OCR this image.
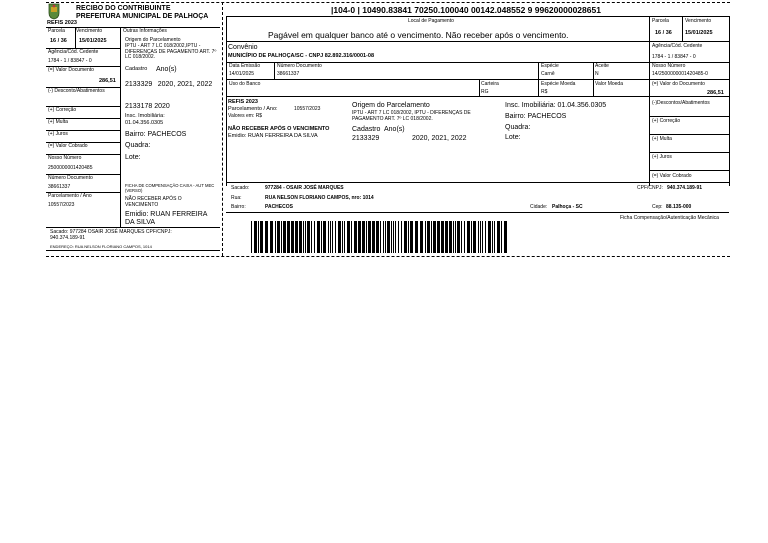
RECIBO DO CONTRIBUINTE
PREFEITURA MUNICIPAL DE PALHOÇA
REFIS 2023
Parcela Vencimento
16 / 36 15/01/2025
Agência/Cód. Cedente
1784 - 1 / 83847 - 0
(=) Valor Documento
286,51
(-) Desconto/Abatimentos
(+) Correção
(+) Multa
(+) Juros
(=) Valor Cobrado
Nosso Número
2500000001420485
Número Documento
38661337
Parcelamento / Ano
10557/2023
Outras Informações
Origem do Parcelamento
IPTU - ART 7 LC 018/2002,IPTU - DIFERENÇAS DE PAGAMENTO ART. 7º LC 018/2002.
Cadastro Ano(s)
2133329 2020, 2021, 2022
2133178 2020
Insc. Imobiliária:
01.04.356.0305
Bairro: PACHECOS
Quadra:
Lote:
FICHA DE COMPENSAÇÃO CAIXA - AUT MEC (VERSO)
NÃO RECEBER APÓS O VENCIMENTO
Emidio: RUAN FERREIRA DA SILVA
Sacado: 977284 OSAIR JOSÉ MARQUES CPF/CNPJ: 940.374.189-91
ENDEREÇO: RUA NELSON FLORIANO CAMPOS, 1014
|104-0 | 10490.83841 70250.100040 00142.048552 9 99620000028651
Local de Pagamento
Pagável em qualquer banco até o vencimento. Não receber após o vencimento.
Parcela	Vencimento
16 / 36 15/01/2025
Convênio
MUNICÍPIO DE PALHOÇA/SC - CNPJ 82.892.316/0001-08
Agência/Cód. Cedente
1784 - 1 / 83847 - 0
Data Emissão
14/01/2025
Número Documento
38661337
Espécie
Carnê
Aceite
N
Nosso Número
14/2500000001420485-0
Uso do Banco	Carteira
RG
Espécie Moeda
R$
Valor Moeda	(=) Valor do Documento
286,51
REFIS 2023
Parcelamento / Ano:	10557/2023
Valores em: R$
Origem do Parcelamento
IPTU - ART 7 LC 018/2002, IPTU - DIFERENÇAS DE PAGAMENTO ART. 7º LC 018/2002.
NÃO RECEBER APÓS O VENCIMENTO
Emidio: RUAN FERREIRA DA SILVA
Cadastro Ano(s)
2133329	2020, 2021, 2022
Insc. Imobiliária: 01.04.356.0305
Bairro: PACHECOS
Quadra:
Lote:
(-)Descontos/Abatimentos
(+) Correção
(+) Multa
(+) Juros
(=) Valor Cobrado
Sacado:	977284 - OSAIR JOSÉ MARQUES	CPF/CNPJ: 940.374.189-91
Rua:	RUA NELSON FLORIANO CAMPOS, nro: 1014
Bairro:	PACHECOS	Cidade: Palhoça - SC	Cep: 88.135-000
Ficha Compensação/Autenticação Mecânica
